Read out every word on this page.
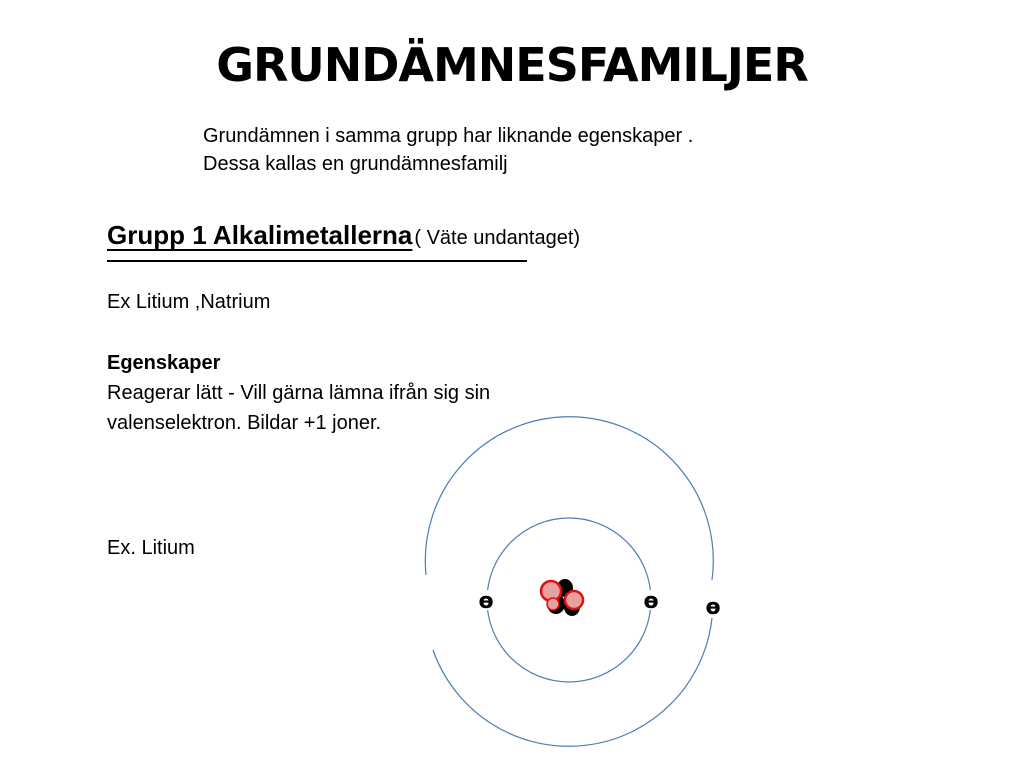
GRUNDÄMNESFAMILJER
Grundämnen i samma grupp har liknande egenskaper .
Dessa kallas en grundämnesfamilj
Grupp 1 Alkalimetallerna ( Väte undantaget)
Ex Litium ,Natrium
Egenskaper
Reagerar lätt - Vill gärna lämna ifrån sig sin
valenselektron. Bildar +1 joner.
Ex. Litium
ɵ	ɵ ɵ
